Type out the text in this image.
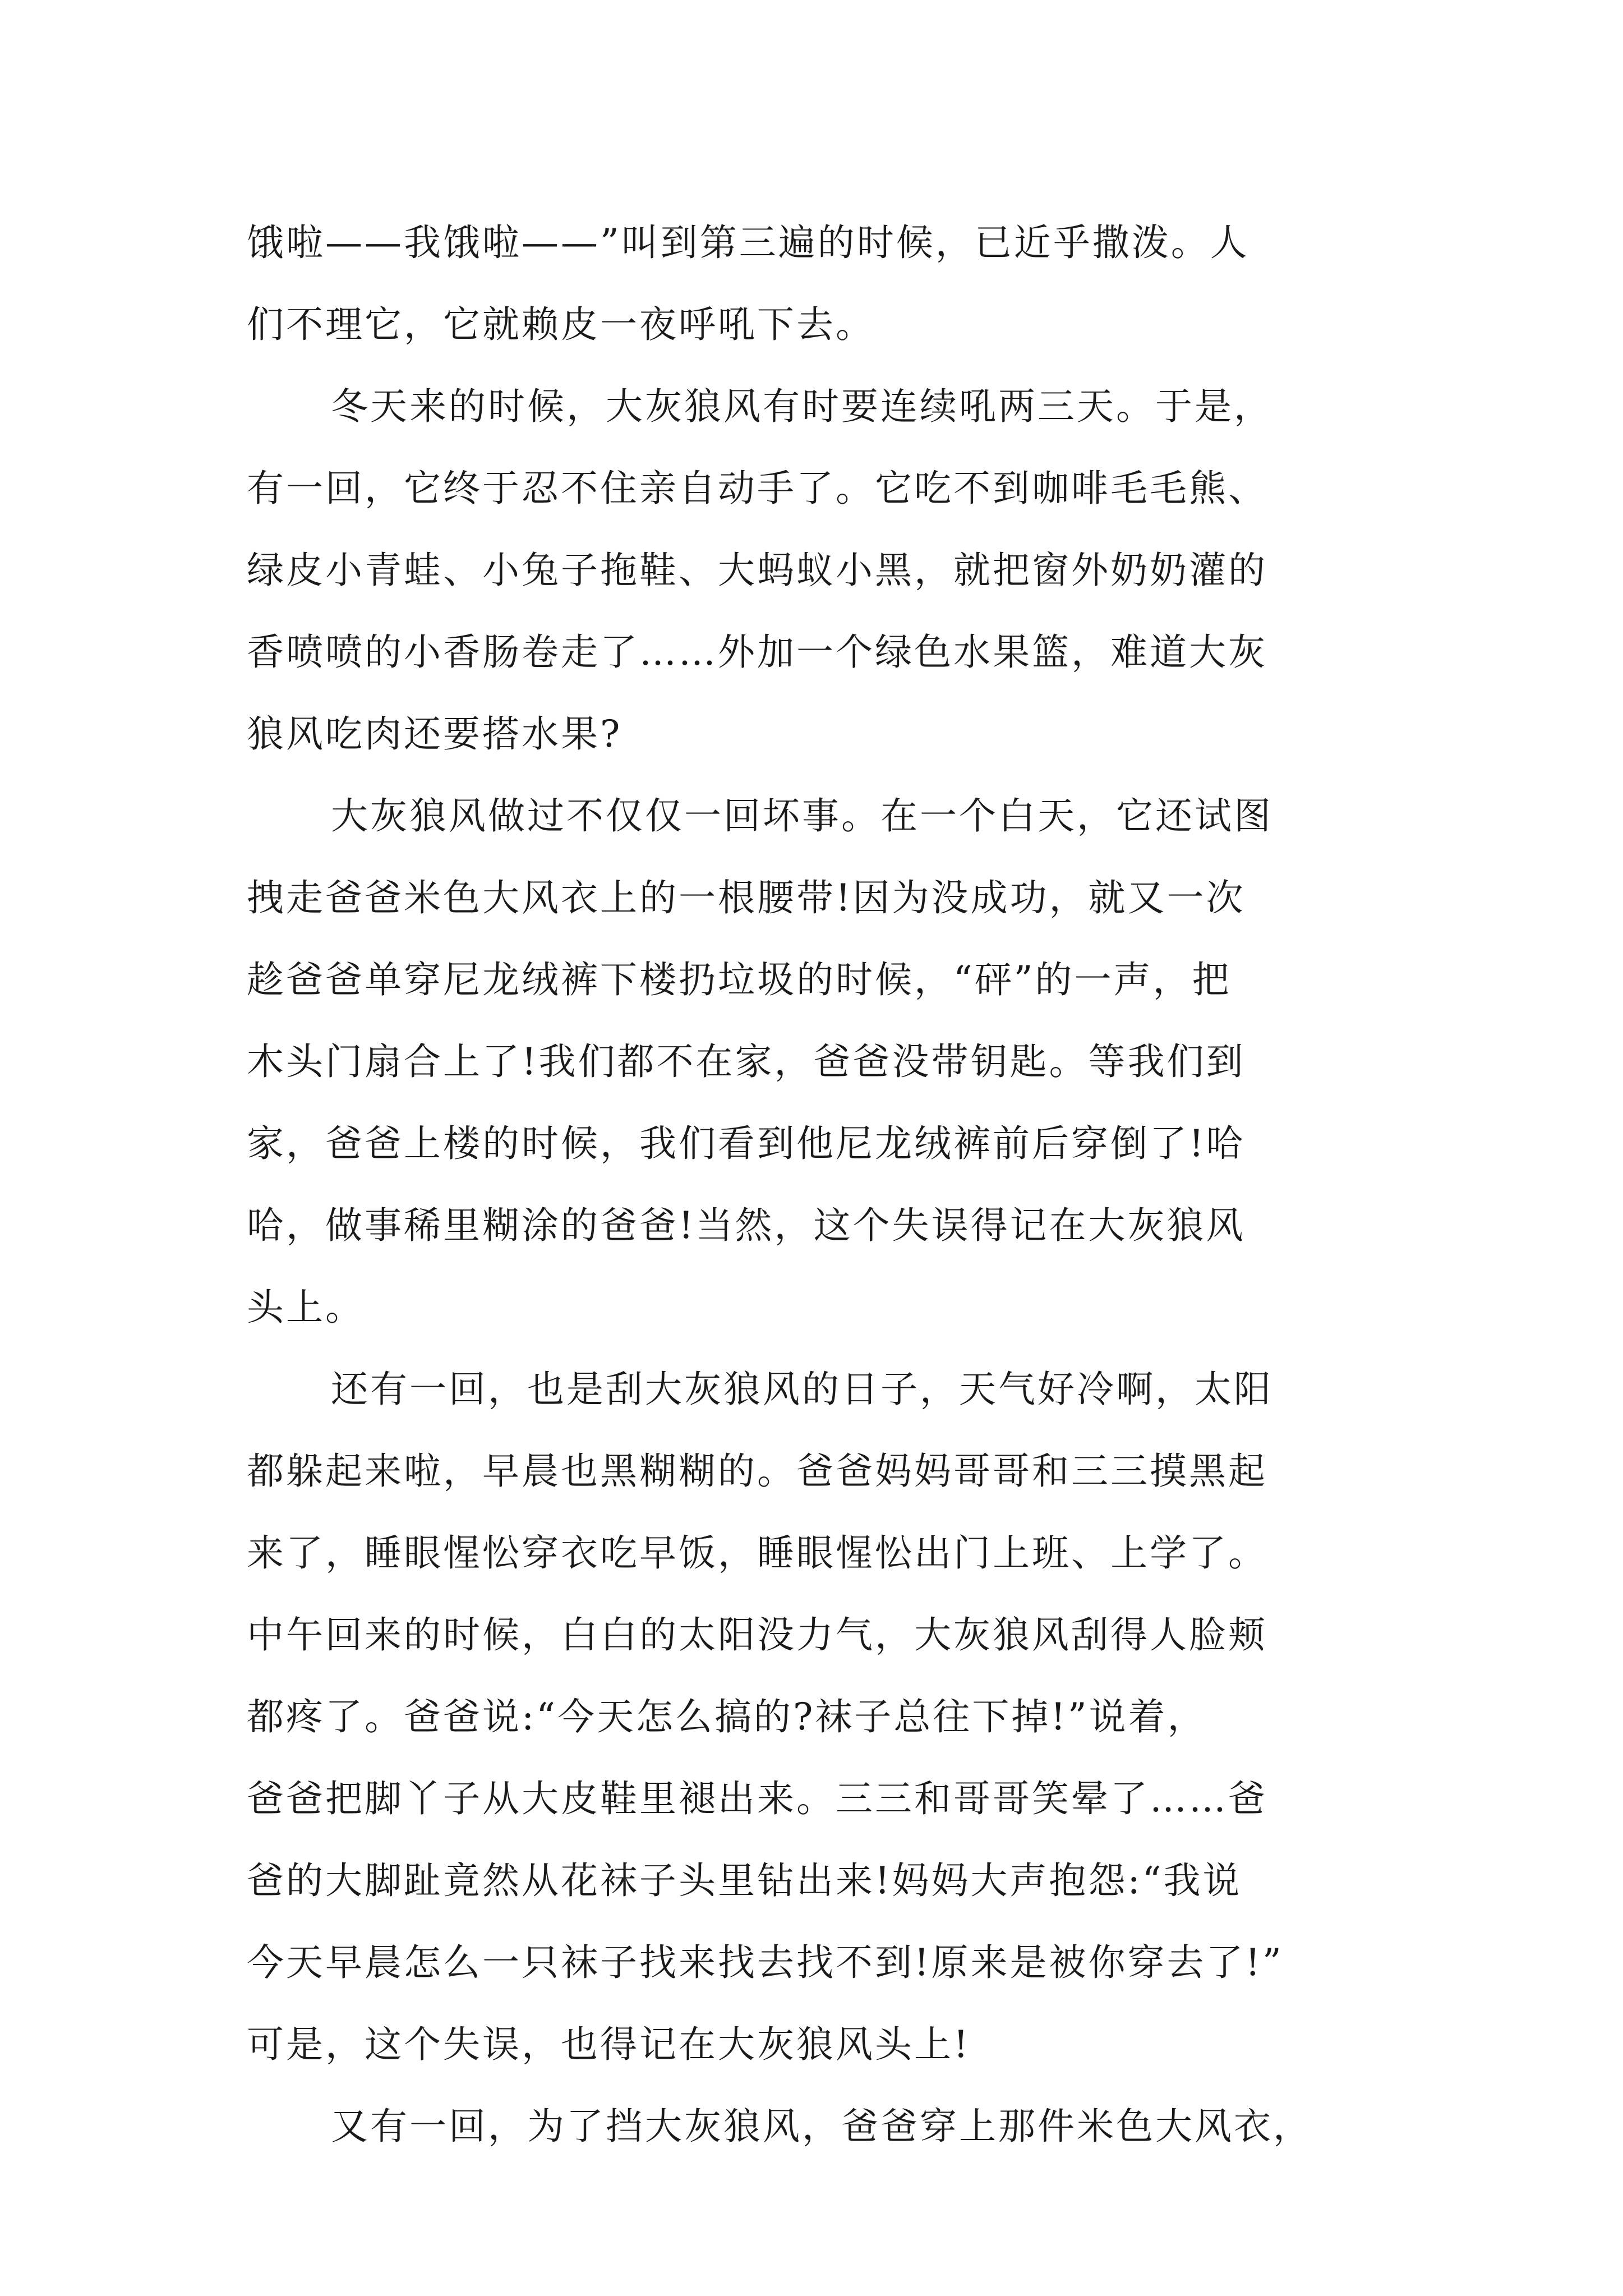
饿啦——我饿啦——”叫到第三遍的时候，已近乎撒泼。人
们不理它，它就赖皮一夜呼吼下去。
冬天来的时候，大灰狼风有时要连续吼两三天。于是，
有一回，它终于忍不住亲自动手了。它吃不到咖啡毛毛熊、
绿皮小青蛙、小兔子拖鞋、大蚂蚁小黑，就把窗外奶奶灌的
香喷喷的小香肠卷走了……外加一个绿色水果篮，难道大灰
狼风吃肉还要搭水果?
大灰狼风做过不仅仅一回坏事。在一个白天，它还试图
拽走爸爸米色大风衣上的一根腰带!因为没成功，就又一次
趁爸爸单穿尼龙绒裤下楼扔垃圾的时候，“砰”的一声，把
木头门扇合上了!我们都不在家，爸爸没带钥匙。等我们到
家，爸爸上楼的时候，我们看到他尼龙绒裤前后穿倒了!哈
哈，做事稀里糊涂的爸爸!当然，这个失误得记在大灰狼风
头上。
还有一回，也是刮大灰狼风的日子，天气好冷啊，太阳
都躲起来啦，早晨也黑糊糊的。爸爸妈妈哥哥和三三摸黑起
来了，睡眼惺忪穿衣吃早饭，睡眼惺忪出门上班、上学了。
中午回来的时候，白白的太阳没力气，大灰狼风刮得人脸颊
都疼了。爸爸说:“今天怎么搞的?袜子总往下掉!”说着，
爸爸把脚丫子从大皮鞋里褪出来。三三和哥哥笑晕了……爸
爸的大脚趾竟然从花袜子头里钻出来!妈妈大声抱怨:“我说
今天早晨怎么一只袜子找来找去找不到!原来是被你穿去了!”
可是，这个失误，也得记在大灰狼风头上!
又有一回，为了挡大灰狼风，爸爸穿上那件米色大风衣，
